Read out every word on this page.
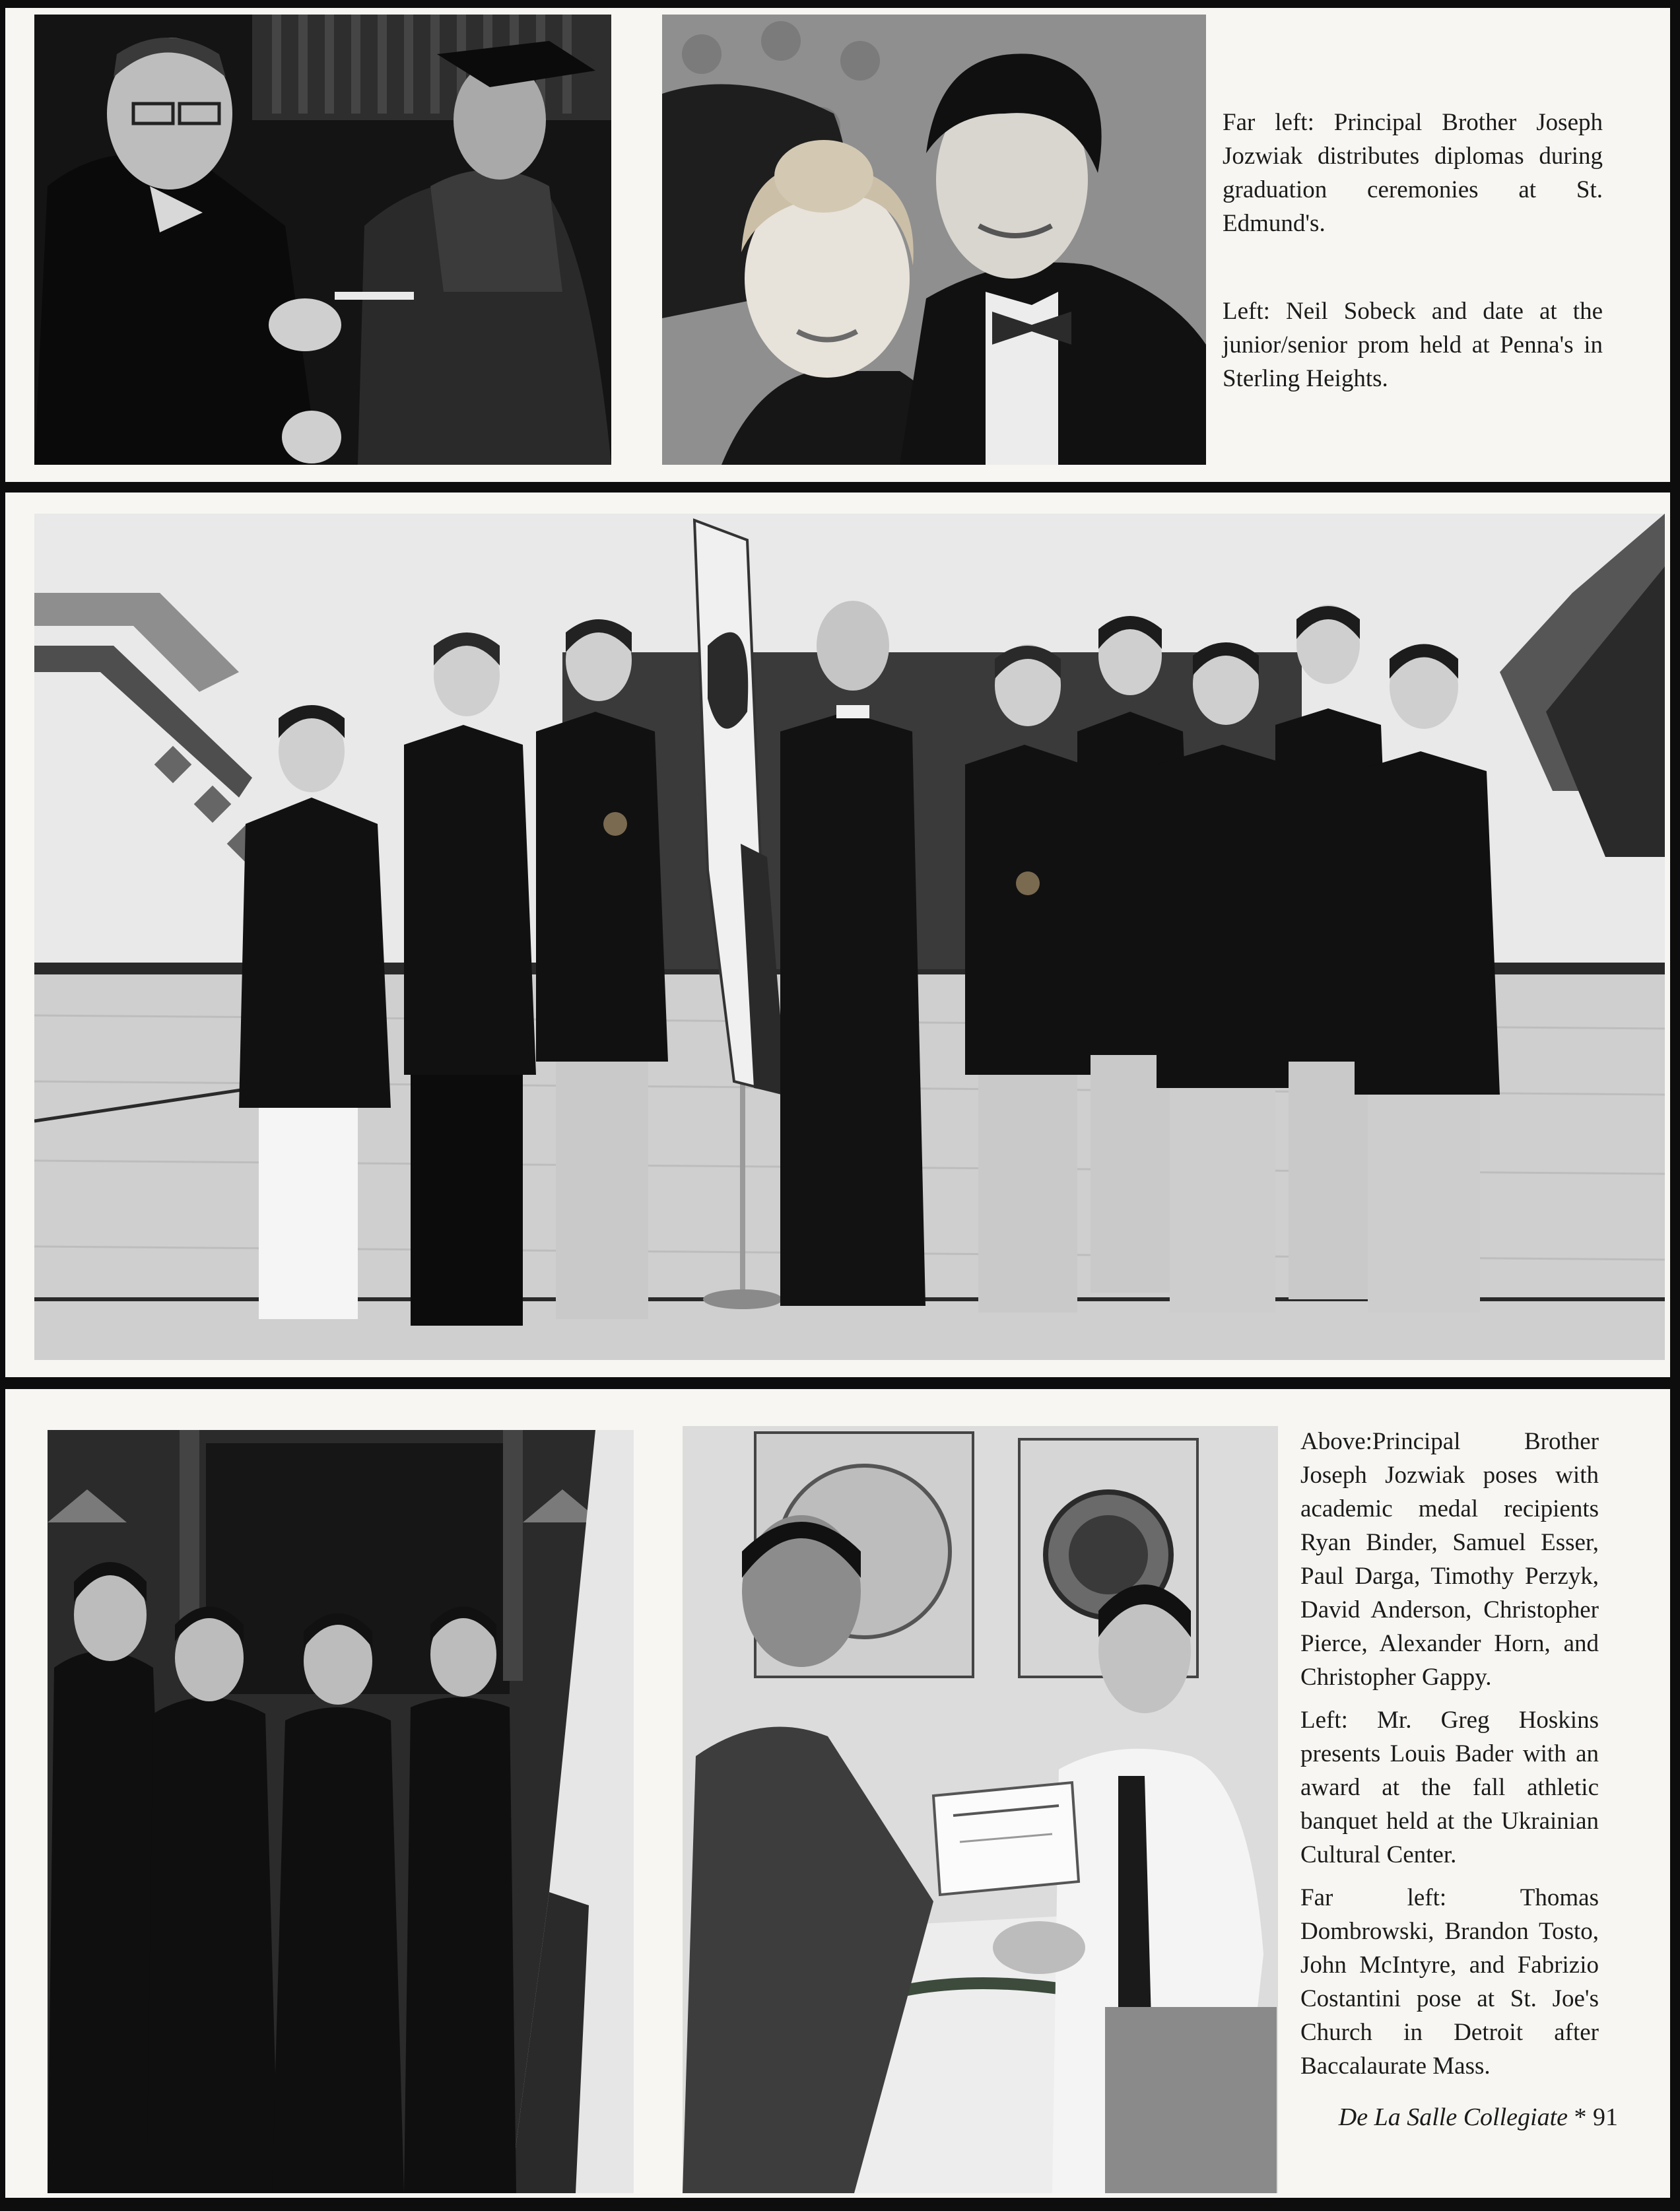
Far left: Principal Brother Joseph Jozwiak distributes diplomas during graduation ceremonies at St. Edmund's.

Left: Neil Sobeck and date at the junior/senior prom held at Penna's in Sterling Heights.

Above:Principal Brother Joseph Jozwiak poses with academic medal recipients Ryan Binder, Samuel Esser, Paul Darga, Timothy Perzyk, David Anderson, Christopher Pierce, Alexander Horn, and Christopher Gappy.

Left: Mr. Greg Hoskins presents Louis Bader with an award at the fall athletic banquet held at the Ukrainian Cultural Center.

Far left: Thomas Dombrowski, Brandon Tosto, John McIntyre, and Fabrizio Costantini pose at St. Joe's Church in Detroit after Baccalaurate Mass.

De La Salle Collegiate * 91
